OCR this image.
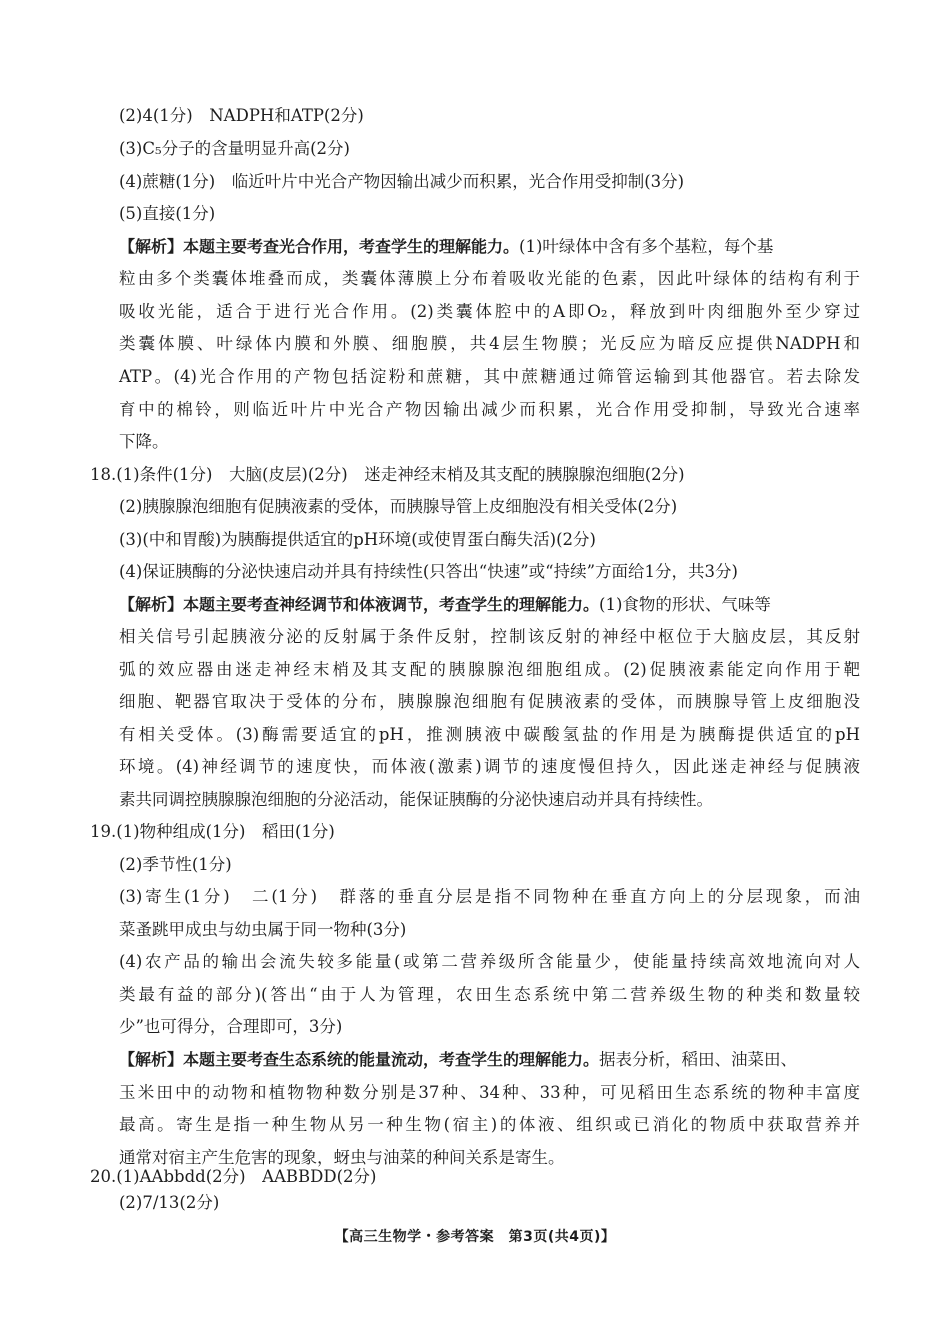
(2)4(1分)　NADPH和ATP(2分)
(3)C₅分子的含量明显升高(2分)
(4)蔗糖(1分)　临近叶片中光合产物因输出减少而积累，光合作用受抑制(3分)
(5)直接(1分)
【解析】本题主要考查光合作用，考查学生的理解能力。(1)叶绿体中含有多个基粒，每个基
粒由多个类囊体堆叠而成，类囊体薄膜上分布着吸收光能的色素，因此叶绿体的结构有利于
吸收光能，适合于进行光合作用。(2)类囊体腔中的A即O₂，释放到叶肉细胞外至少穿过
类囊体膜、叶绿体内膜和外膜、细胞膜，共4层生物膜；光反应为暗反应提供NADPH和
ATP。(4)光合作用的产物包括淀粉和蔗糖，其中蔗糖通过筛管运输到其他器官。若去除发
育中的棉铃，则临近叶片中光合产物因输出减少而积累，光合作用受抑制，导致光合速率
下降。
18.(1)条件(1分)　大脑(皮层)(2分)　迷走神经末梢及其支配的胰腺腺泡细胞(2分)
(2)胰腺腺泡细胞有促胰液素的受体，而胰腺导管上皮细胞没有相关受体(2分)
(3)(中和胃酸)为胰酶提供适宜的pH环境(或使胃蛋白酶失活)(2分)
(4)保证胰酶的分泌快速启动并具有持续性(只答出“快速”或“持续”方面给1分，共3分)
【解析】本题主要考查神经调节和体液调节，考查学生的理解能力。(1)食物的形状、气味等
相关信号引起胰液分泌的反射属于条件反射，控制该反射的神经中枢位于大脑皮层，其反射
弧的效应器由迷走神经末梢及其支配的胰腺腺泡细胞组成。(2)促胰液素能定向作用于靶
细胞、靶器官取决于受体的分布，胰腺腺泡细胞有促胰液素的受体，而胰腺导管上皮细胞没
有相关受体。(3)酶需要适宜的pH，推测胰液中碳酸氢盐的作用是为胰酶提供适宜的pH
环境。(4)神经调节的速度快，而体液(激素)调节的速度慢但持久，因此迷走神经与促胰液
素共同调控胰腺腺泡细胞的分泌活动，能保证胰酶的分泌快速启动并具有持续性。
19.(1)物种组成(1分)　稻田(1分)
(2)季节性(1分)
(3)寄生(1分)　二(1分)　群落的垂直分层是指不同物种在垂直方向上的分层现象，而油
菜蚤跳甲成虫与幼虫属于同一物种(3分)
(4)农产品的输出会流失较多能量(或第二营养级所含能量少，使能量持续高效地流向对人
类最有益的部分)(答出“由于人为管理，农田生态系统中第二营养级生物的种类和数量较
少”也可得分，合理即可，3分)
【解析】本题主要考查生态系统的能量流动，考查学生的理解能力。据表分析，稻田、油菜田、
玉米田中的动物和植物物种数分别是37种、34种、33种，可见稻田生态系统的物种丰富度
最高。寄生是指一种生物从另一种生物(宿主)的体液、组织或已消化的物质中获取营养并
通常对宿主产生危害的现象，蚜虫与油菜的种间关系是寄生。
20.(1)AAbbdd(2分)　AABBDD(2分)
(2)7/13(2分)
【高三生物学・参考答案　第3页(共4页)】
